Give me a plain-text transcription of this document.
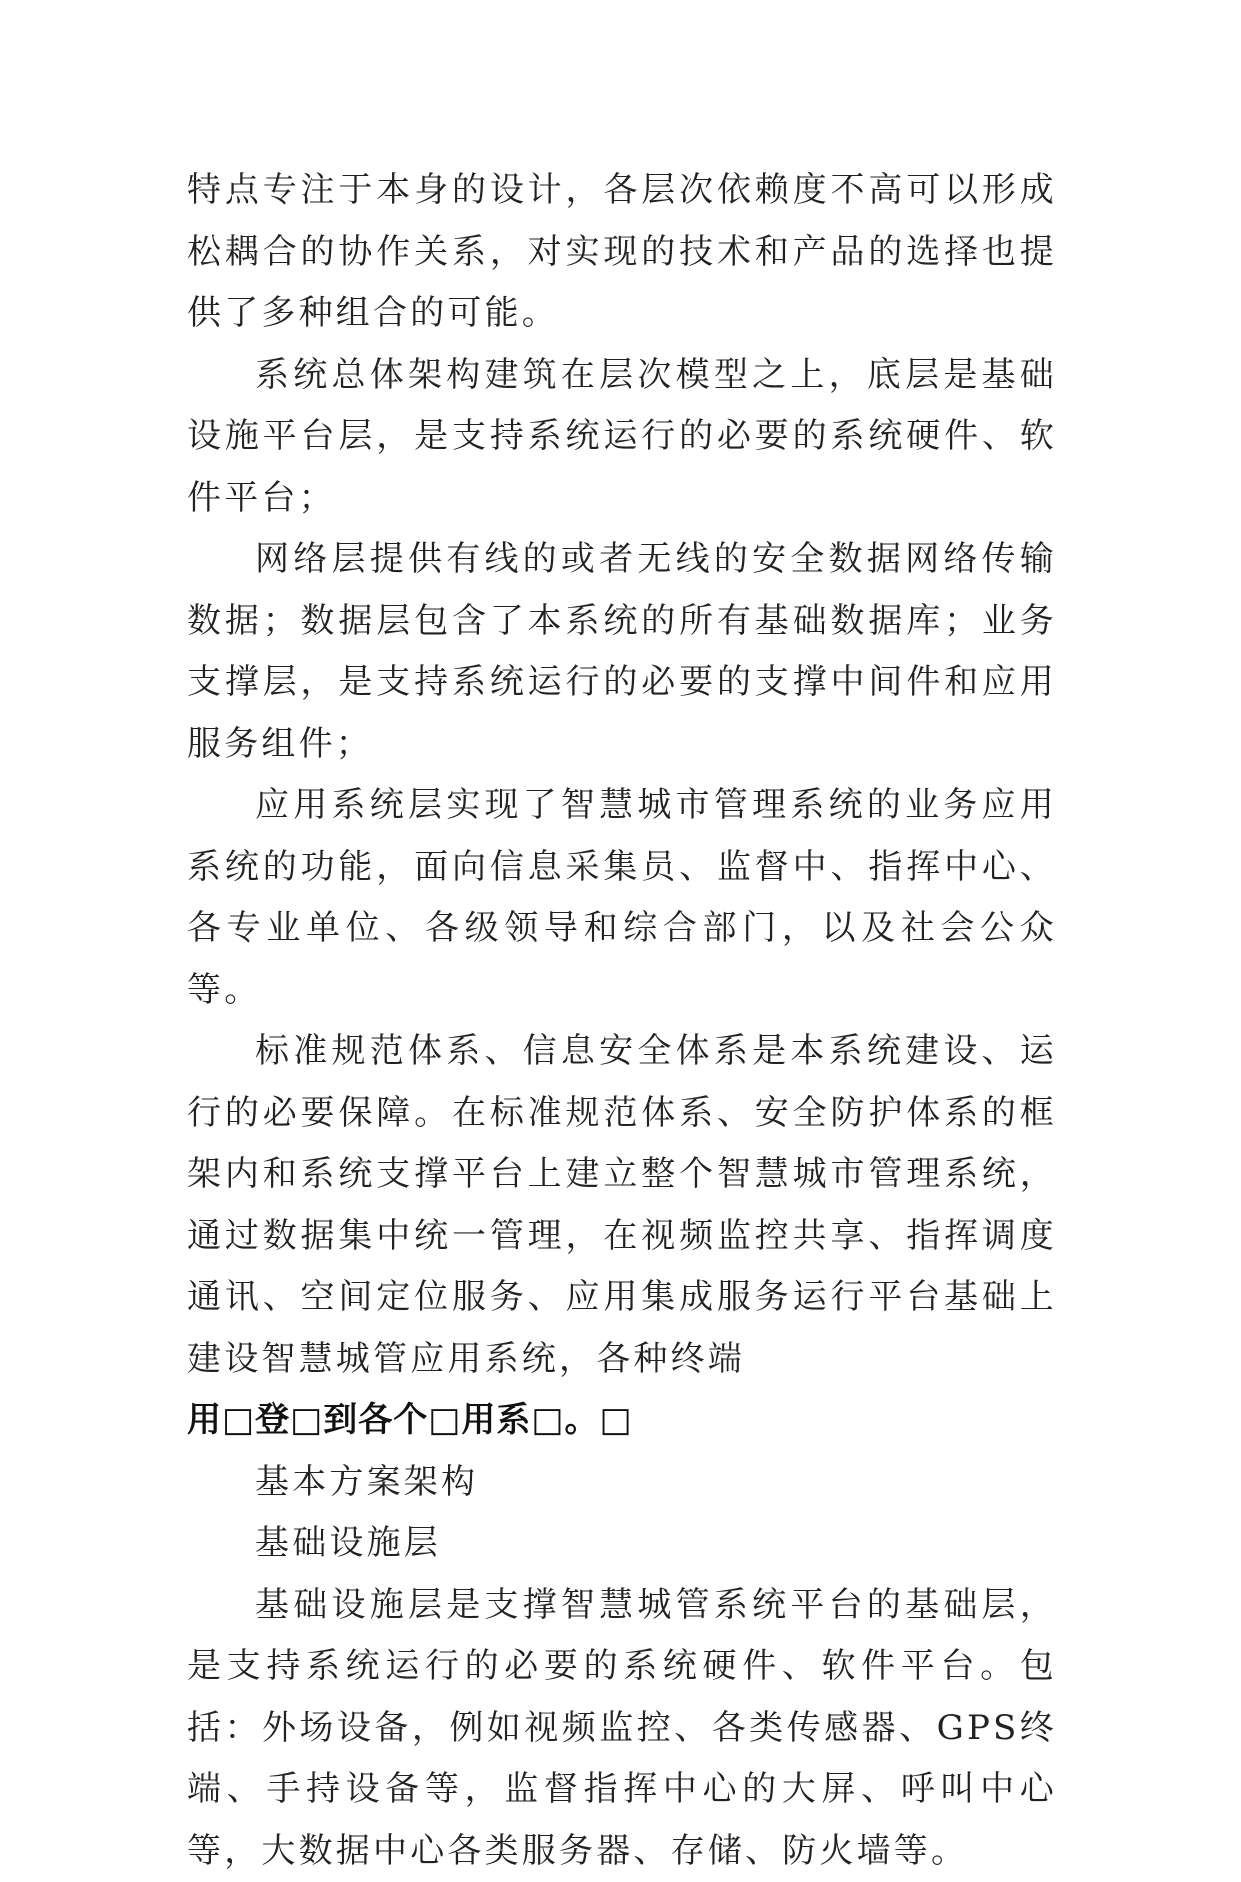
特点专注于本身的设计，各层次依赖度不高可以形成松耦合的协作关系，对实现的技术和产品的选择也提供了多种组合的可能。

系统总体架构建筑在层次模型之上，底层是基础设施平台层，是支持系统运行的必要的系统硬件、软件平台；

网络层提供有线的或者无线的安全数据网络传输数据；数据层包含了本系统的所有基础数据库；业务支撑层，是支持系统运行的必要的支撑中间件和应用服务组件；

应用系统层实现了智慧城市管理系统的业务应用系统的功能，面向信息采集员、监督中、指挥中心、各专业单位、各级领导和综合部门，以及社会公众等。

标准规范体系、信息安全体系是本系统建设、运行的必要保障。在标准规范体系、安全防护体系的框架内和系统支撑平台上建立整个智慧城市管理系统，通过数据集中统一管理，在视频监控共享、指挥调度通讯、空间定位服务、应用集成服务运行平台基础上建设智慧城管应用系统，各种终端

用□登□到各个□用系□。□

基本方案架构

基础设施层

基础设施层是支撑智慧城管系统平台的基础层，是支持系统运行的必要的系统硬件、软件平台。包括：外场设备，例如视频监控、各类传感器、GPS终端、手持设备等，监督指挥中心的大屏、呼叫中心等，大数据中心各类服务器、存储、防火墙等。
